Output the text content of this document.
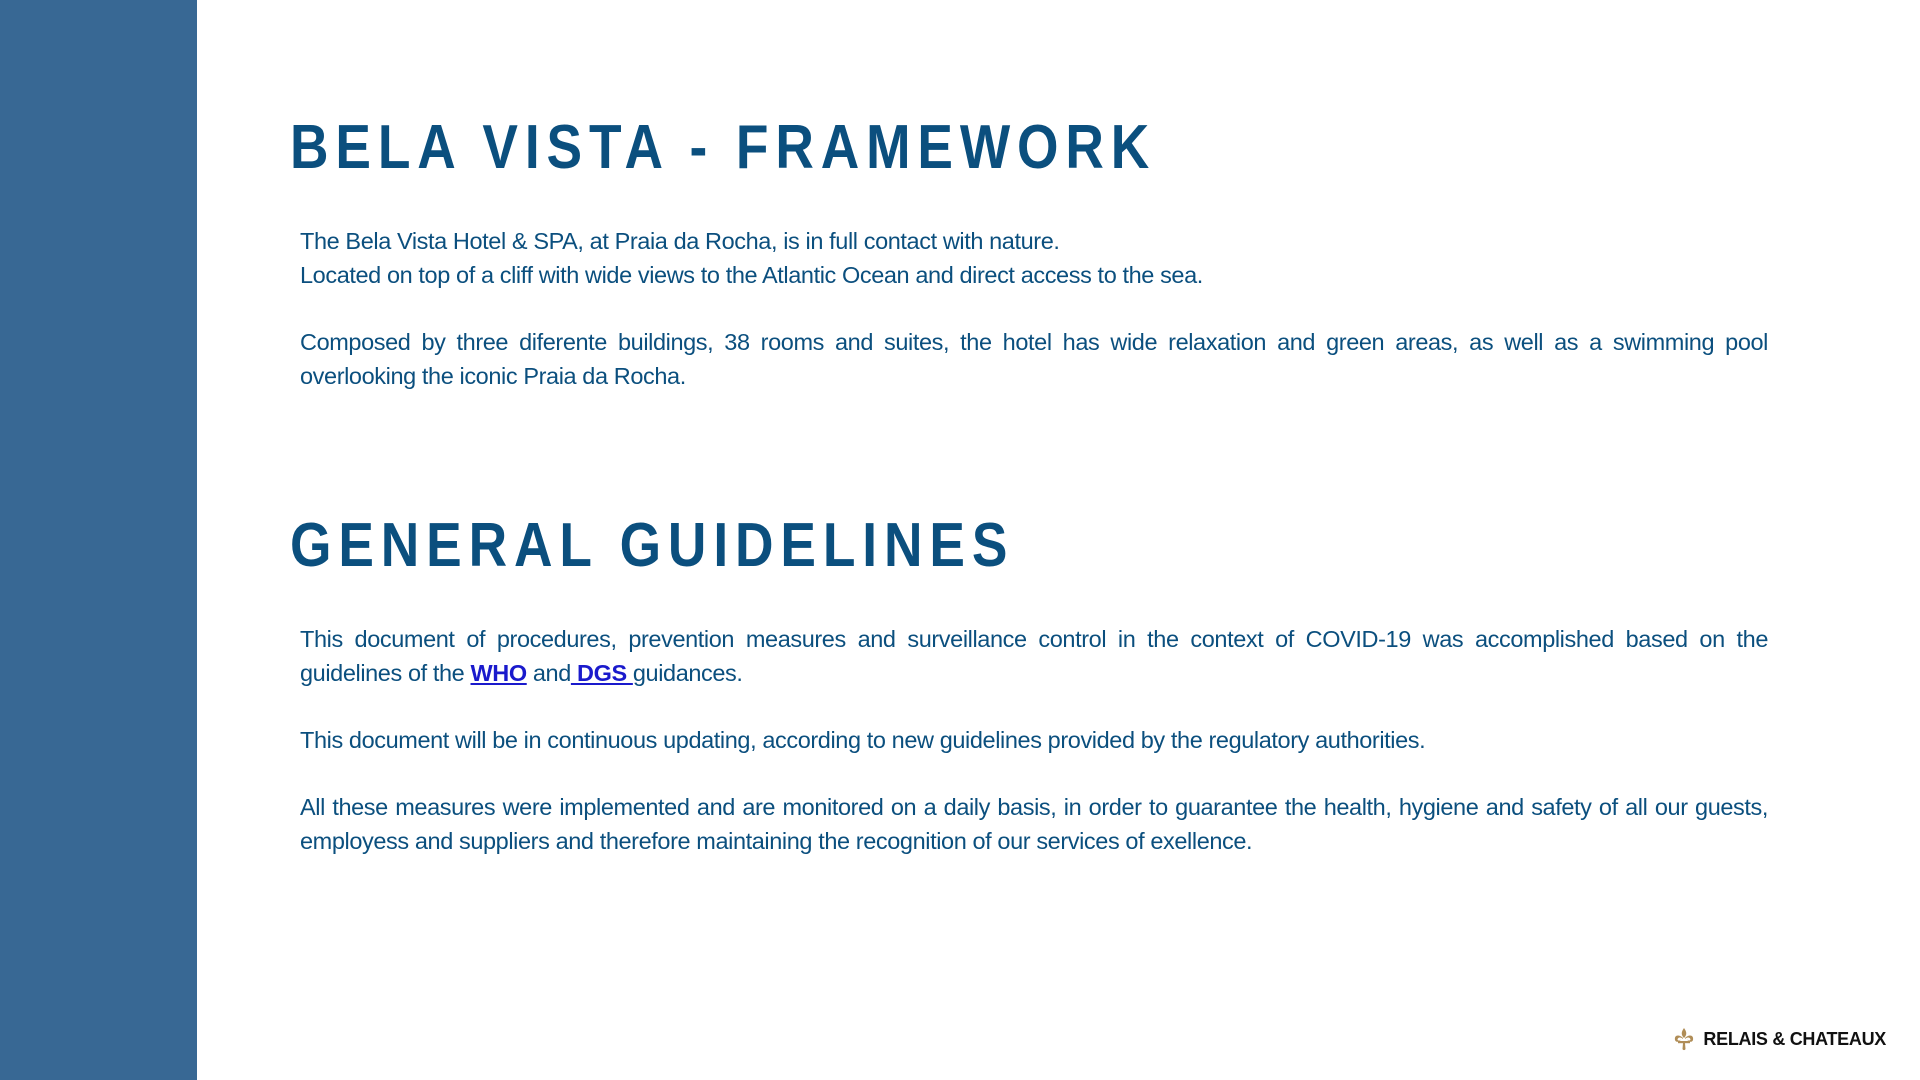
BELA VISTA - FRAMEWORK

The Bela Vista Hotel & SPA, at Praia da Rocha, is in full contact with nature.

Located on top of a cliff with wide views to the Atlantic Ocean and direct access to the sea.

Composed by three diferente buildings, 38 rooms and suites, the hotel has wide relaxation and green areas, as well as a swimming pool overlooking the iconic Praia da Rocha.

GENERAL GUIDELINES

This document of procedures, prevention measures and surveillance control in the context of COVID-19 was accomplished based on the guidelines of the WHO and DGS guidances.

This document will be in continuous updating, according to new guidelines provided by the regulatory authorities.

All these measures were implemented and are monitored on a daily basis, in order to guarantee the health, hygiene and safety of all our guests, employess and suppliers and therefore maintaining the recognition of our services of exellence.

RELAIS & CHATEAUX
